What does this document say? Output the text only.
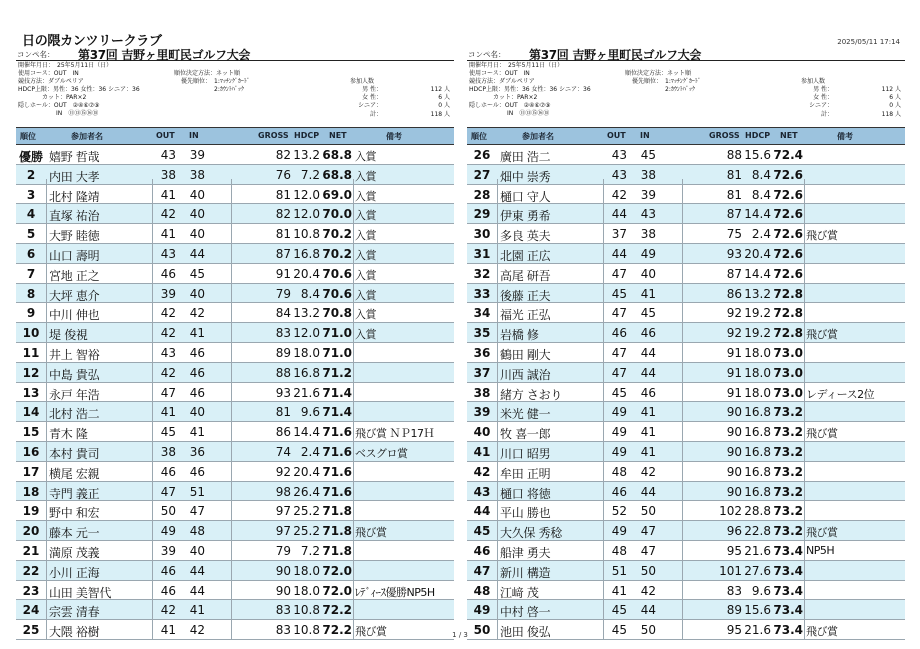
日の隈カンツリークラブ	2025/05/11 17:14
コンペ名： 第37回 吉野ヶ里町民ゴルフ大会
開催年月日：　25年5月11日（日）
使用コース：OUT　IN	順位決定方法：ネット順
競技方法：ダブルペリア	優先順位： 1:ﾏｯﾁﾝｸﾞｶｰﾄﾞ
HDCP上限：男性：36 女性：36 シニア：36	2:ｶｳﾝﾄﾊﾞｯｸ
カット：PAR×2
隠しホール：OUT　②④⑥⑦⑨
IN　⑪⑬⑮⑯⑱
参加人数
男 性：	112 人
女 性：	6 人
シニア：	0 人
計：	118 人
順位	参加者名	OUT IN	GROSS HDCP NET	備考
優勝 嬉野 哲哉	43	39	82 13.2 68.8 入賞
2	内田 大孝	38	38	76 7.2 68.8 入賞
3	北村 隆靖	41	40	81 12.0 69.0 入賞
4	直塚 祐治	42	40	82 12.0 70.0 入賞
5	大野 睦徳	41	40	81 10.8 70.2 入賞
6	山口 壽明	43	44	87 16.8 70.2 入賞
7	宮地 正之	46	45	91 20.4 70.6 入賞
8	大坪 恵介	39	40	79 8.4 70.6 入賞
9	中川 伸也	42	42	84 13.2 70.8 入賞
10 堤 俊視	42	41	83 12.0 71.0 入賞
11 井上 智裕	43	46	89 18.0 71.0
12 中島 貴弘	42	46	88 16.8 71.2
13 永戸 年浩	47	46	93 21.6 71.4
14 北村 浩二	41	40	81 9.6 71.4
15 青木 隆	45	41	86 14.4 71.6 飛び賞 ＮＰ17Ｈ
16 本村 貴司	38	36	74 2.4 71.6 ベスグロ賞
17 横尾 宏親	46	46	92 20.4 71.6
18 寺門 義正	47	51	98 26.4 71.6
19 野中 和宏	50	47	97 25.2 71.8
20 藤本 元一	49	48	97 25.2 71.8 飛び賞
21 満原 茂義	39	40	79 7.2 71.8
22 小川 正海	46	44	90 18.0 72.0
23 山田 美智代	46	44	90 18.0 72.0 ﾚﾃﾞｨｰｽ優勝NP5H
24 宗雲 清春	42	41	83 10.8 72.2
25 大隈 裕樹	41	42	83 10.8 72.2 飛び賞
コンペ名： 第37回 吉野ヶ里町民ゴルフ大会
開催年月日：　25年5月11日（日）
使用コース：OUT　IN	順位決定方法：ネット順
競技方法：ダブルペリア	優先順位： 1:ﾏｯﾁﾝｸﾞｶｰﾄﾞ
HDCP上限：男性：36 女性：36 シニア：36	2:ｶｳﾝﾄﾊﾞｯｸ
カット：PAR×2
隠しホール：OUT　②④⑥⑦⑨
IN　⑪⑬⑮⑯⑱
参加人数
男 性：	112 人
女 性：	6 人
シニア：	0 人
計：	118 人
順位	参加者名	OUT IN	GROSS HDCP NET	備考
26 廣田 浩二	43	45	88 15.6 72.4
27 畑中 崇秀	43	38	81 8.4 72.6
28 樋口 守人	42	39	81 8.4 72.6
29 伊東 勇希	44	43	87 14.4 72.6
30 多良 英夫	37	38	75 2.4 72.6 飛び賞
31 北園 正広	44	49	93 20.4 72.6
32 高尾 研吾	47	40	87 14.4 72.6
33 後藤 正夫	45	41	86 13.2 72.8
34 福光 正弘	47	45	92 19.2 72.8
35 岩橋 修	46	46	92 19.2 72.8 飛び賞
36 鶴田 剛大	47	44	91 18.0 73.0
37 川西 誠治	47	44	91 18.0 73.0
38 緒方 さおり	45	46	91 18.0 73.0 レディース2位
39 米光 健一	49	41	90 16.8 73.2
40 牧 喜一郎	49	41	90 16.8 73.2 飛び賞
41 川口 昭男	49	41	90 16.8 73.2
42 牟田 正明	48	42	90 16.8 73.2
43 樋口 将徳	46	44	90 16.8 73.2
44 平山 勝也	52	50	102 28.8 73.2
45 大久保 秀稔	49	47	96 22.8 73.2 飛び賞
46 船津 勇夫	48	47	95 21.6 73.4 NP5H
47 新川 構造	51	50	101 27.6 73.4
48 江﨑 茂	41	42	83 9.6 73.4
49 中村 啓一	45	44	89 15.6 73.4
50 池田 俊弘	45	50	95 21.6 73.4 飛び賞
1 / 3
